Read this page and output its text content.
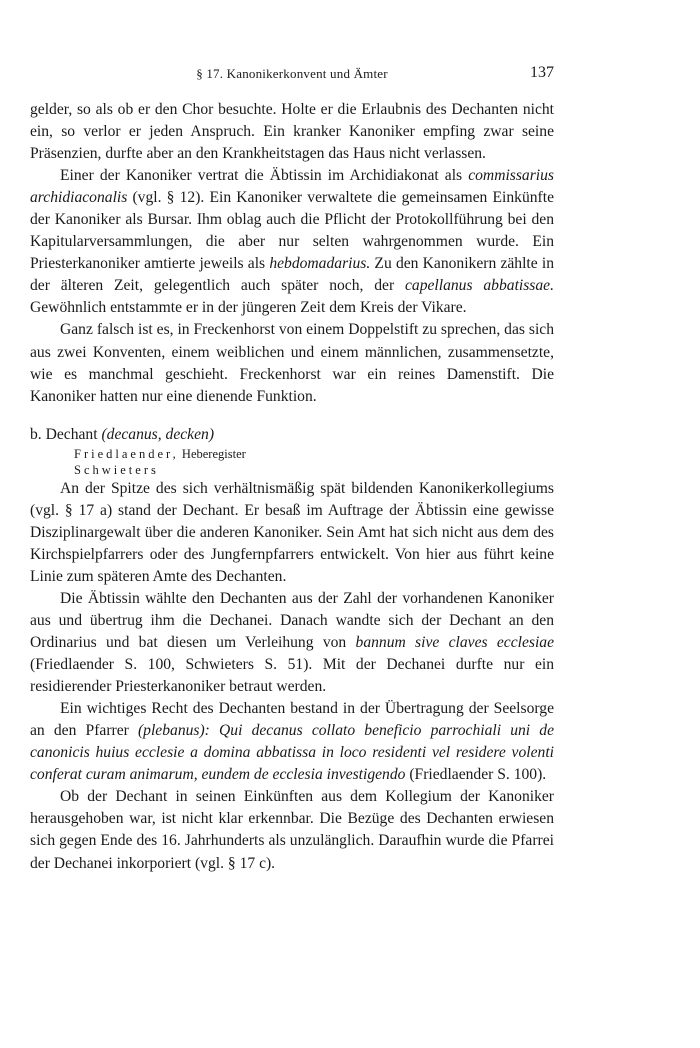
§ 17. Kanonikerkonvent und Ämter	137

gelder, so als ob er den Chor besuchte. Holte er die Erlaubnis des Dechanten nicht ein, so verlor er jeden Anspruch. Ein kranker Kanoniker empfing zwar seine Präsenzien, durfte aber an den Krankheitstagen das Haus nicht verlassen.

Einer der Kanoniker vertrat die Äbtissin im Archidiakonat als commissarius archidiaconalis (vgl. § 12). Ein Kanoniker verwaltete die gemeinsamen Einkünfte der Kanoniker als Bursar. Ihm oblag auch die Pflicht der Protokollführung bei den Kapitularversammlungen, die aber nur selten wahrgenommen wurde. Ein Priesterkanoniker amtierte jeweils als hebdomadarius. Zu den Kanonikern zählte in der älteren Zeit, gelegentlich auch später noch, der capellanus abbatissae. Gewöhnlich entstammte er in der jüngeren Zeit dem Kreis der Vikare.

Ganz falsch ist es, in Freckenhorst von einem Doppelstift zu sprechen, das sich aus zwei Konventen, einem weiblichen und einem männlichen, zusammensetzte, wie es manchmal geschieht. Freckenhorst war ein reines Damenstift. Die Kanoniker hatten nur eine dienende Funktion.

b. Dechant (decanus, decken)

Friedlaender, Heberegister
Schwieters

An der Spitze des sich verhältnismäßig spät bildenden Kanonikerkollegiums (vgl. § 17 a) stand der Dechant. Er besaß im Auftrage der Äbtissin eine gewisse Disziplinargewalt über die anderen Kanoniker. Sein Amt hat sich nicht aus dem des Kirchspielpfarrers oder des Jungfernpfarrers entwickelt. Von hier aus führt keine Linie zum späteren Amte des Dechanten.

Die Äbtissin wählte den Dechanten aus der Zahl der vorhandenen Kanoniker aus und übertrug ihm die Dechanei. Danach wandte sich der Dechant an den Ordinarius und bat diesen um Verleihung von bannum sive claves ecclesiae (Friedlaender S. 100, Schwieters S. 51). Mit der Dechanei durfte nur ein residierender Priesterkanoniker betraut werden.

Ein wichtiges Recht des Dechanten bestand in der Übertragung der Seelsorge an den Pfarrer (plebanus): Qui decanus collato beneficio parrochiali uni de canonicis huius ecclesie a domina abbatissa in loco residenti vel residere volenti conferat curam animarum, eundem de ecclesia investigendo (Friedlaender S. 100).

Ob der Dechant in seinen Einkünften aus dem Kollegium der Kanoniker herausgehoben war, ist nicht klar erkennbar. Die Bezüge des Dechanten erwiesen sich gegen Ende des 16. Jahrhunderts als unzulänglich. Daraufhin wurde die Pfarrei der Dechanei inkorporiert (vgl. § 17 c).
